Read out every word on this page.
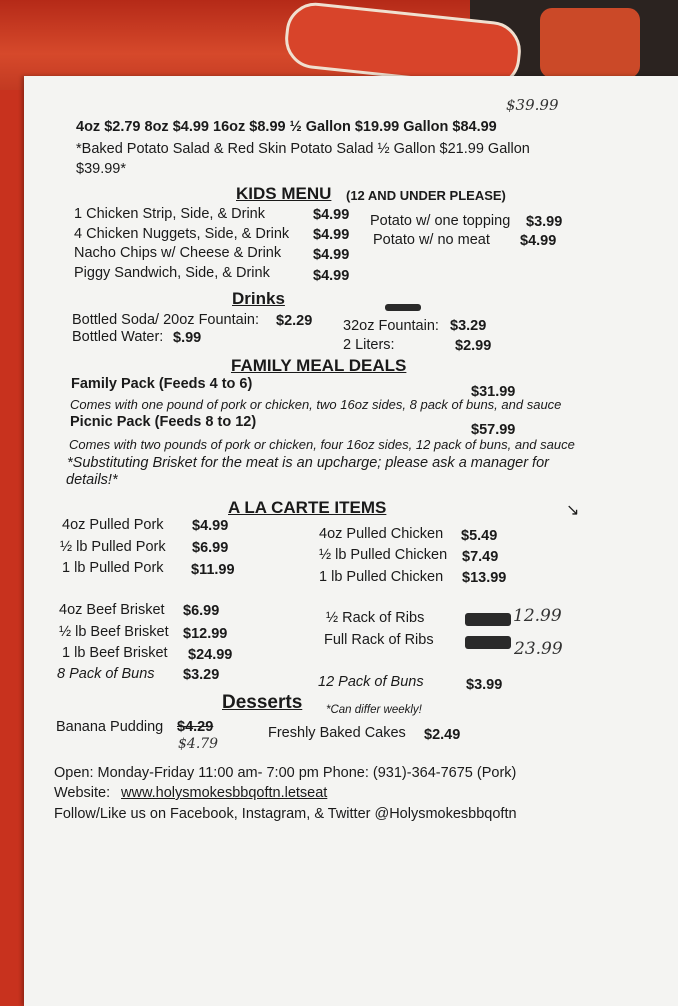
$39.99
4oz $2.79 8oz $4.99 16oz $8.99 ½ Gallon $19.99 Gallon $84.99
*Baked Potato Salad & Red Skin Potato Salad ½ Gallon $21.99 Gallon
$39.99*
KIDS MENU (12 AND UNDER PLEASE)
1 Chicken Strip, Side, & Drink	$4.99
4 Chicken Nuggets, Side, & Drink $4.99
Nacho Chips w/ Cheese & Drink $4.99
Piggy Sandwich, Side, & Drink	$4.99
Potato w/ one topping $3.99
Potato w/ no meat $4.99
Drinks
Bottled Soda/ 20oz Fountain: $2.29
Bottled Water: $.99
32oz Fountain: $3.29
2 Liters:	$2.99
FAMILY MEAL DEALS
Family Pack (Feeds 4 to 6)	$31.99
Comes with one pound of pork or chicken, two 16oz sides, 8 pack of buns, and sauce
Picnic Pack (Feeds 8 to 12)	$57.99
Comes with two pounds of pork or chicken, four 16oz sides, 12 pack of buns, and sauce
*Substituting Brisket for the meat is an upcharge; please ask a manager for
details!*
A LA CARTE ITEMS	↘
4oz Pulled Pork $4.99
½ lb Pulled Pork $6.99
1 lb Pulled Pork $11.99
4oz Pulled Chicken $5.49
½ lb Pulled Chicken $7.49
1 lb Pulled Chicken $13.99
4oz Beef Brisket $6.99
½ lb Beef Brisket $12.99
1 lb Beef Brisket $24.99
½ Rack of Ribs	12.99
Full Rack of Ribs	23.99
8 Pack of Buns $3.29	12 Pack of Buns	$3.99
Desserts *Can differ weekly!
Banana Pudding $4.29
$4.79
Freshly Baked Cakes $2.49
Open: Monday-Friday 11:00 am- 7:00 pm Phone: (931)-364-7675 (Pork)
Website: www.holysmokesbbqoftn.letseat
Follow/Like us on Facebook, Instagram, & Twitter @Holysmokesbbqoftn
